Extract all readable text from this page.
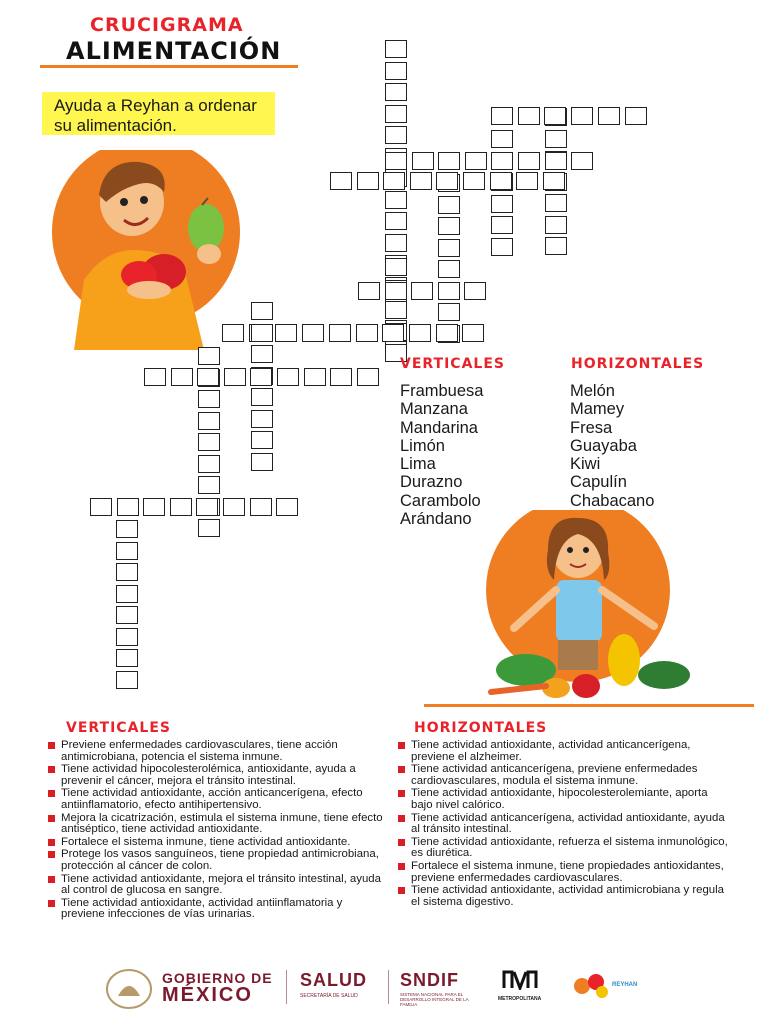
CRUCIGRAMA
ALIMENTACIÓN
Ayuda a Reyhan a ordenar su alimentación.
VERTICALES	HORIZONTALES
Frambuesa
Manzana
Mandarina
Limón
Lima
Durazno
Carambolo
Arándano
Melón
Mamey
Fresa
Guayaba
Kiwi
Capulín
Chabacano
VERTICALES	HORIZONTALES
Previene enfermedades cardiovasculares, tiene acción antimicrobiana, potencia el sistema inmune.
Tiene actividad hipocolesterolémica, antioxidante, ayuda a prevenir el cáncer, mejora el tránsito intestinal.
Tiene actividad antioxidante, acción anticancerígena, efecto antiinflamatorio, efecto antihipertensivo.
Mejora la cicatrización, estimula el sistema inmune, tiene efecto antiséptico, tiene actividad antioxidante.
Fortalece el sistema inmune, tiene actividad antioxidante.
Protege los vasos sanguíneos, tiene propiedad antimicrobiana, protección al cáncer de colon.
Tiene actividad antioxidante, mejora el tránsito intestinal, ayuda al control de glucosa en sangre.
Tiene actividad antioxidante, actividad antiinflamatoria y previene infecciones de vías urinarias.
Tiene actividad antioxidante, actividad anticancerígena, previene el alzheimer.
Tiene actividad anticancerígena, previene enfermedades cardiovasculares, modula el sistema inmune.
Tiene actividad antioxidante, hipocolesterolemiante, aporta bajo nivel calórico.
Tiene actividad anticancerígena, actividad antioxidante, ayuda al tránsito intestinal.
Tiene actividad antioxidante, refuerza el sistema inmunológico, es diurética.
Fortalece el sistema inmune, tiene propiedades antioxidantes, previene enfermedades cardiovasculares.
Tiene actividad antioxidante, actividad antimicrobiana y regula el sistema digestivo.
GOBIERNO DE
MÉXICO
SALUD
SECRETARÍA DE SALUD
SNDIF
SISTEMA NACIONAL PARA EL DESARROLLO INTEGRAL DE LA FAMILIA
METROPOLITANA
REYHAN
